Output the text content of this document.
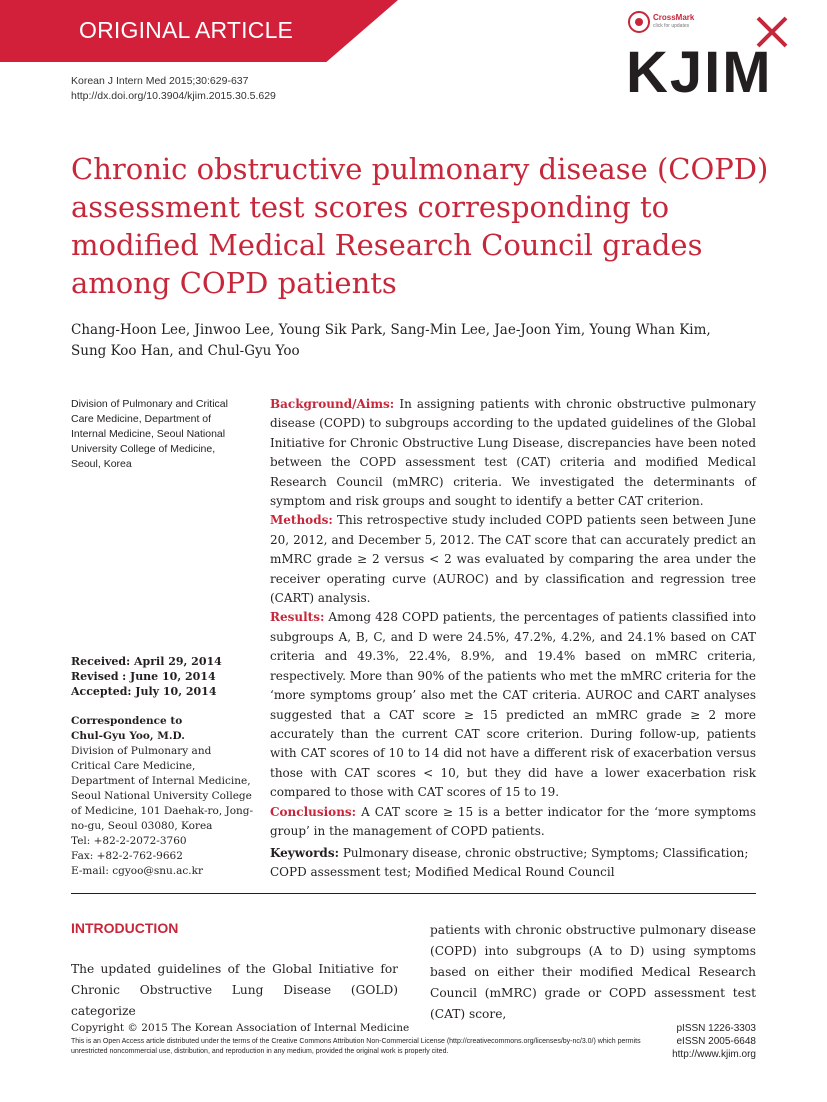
ORIGINAL ARTICLE
Korean J Intern Med 2015;30:629-637
http://dx.doi.org/10.3904/kjim.2015.30.5.629
CrossMark
click for updates
KJIM
Chronic obstructive pulmonary disease (COPD) assessment test scores corresponding to modified Medical Research Council grades among COPD patients
Chang-Hoon Lee, Jinwoo Lee, Young Sik Park, Sang-Min Lee, Jae-Joon Yim, Young Whan Kim,
Sung Koo Han, and Chul-Gyu Yoo
Division of Pulmonary and Critical
Care Medicine, Department of
Internal Medicine, Seoul National
University College of Medicine,
Seoul, Korea
Received: April 29, 2014
Revised : June 10, 2014
Accepted: July 10, 2014
Correspondence to
Chul-Gyu Yoo, M.D.
Division of Pulmonary and
Critical Care Medicine,
Department of Internal Medicine,
Seoul National University College
of Medicine, 101 Daehak-ro, Jong-
no-gu, Seoul 03080, Korea
Tel: +82-2-2072-3760
Fax: +82-2-762-9662
E-mail: cgyoo@snu.ac.kr

Background/Aims: In assigning patients with chronic obstructive pulmonary disease (COPD) to subgroups according to the updated guidelines of the Global Initiative for Chronic Obstructive Lung Disease, discrepancies have been noted between the COPD assessment test (CAT) criteria and modified Medical Research Council (mMRC) criteria. We investigated the determinants of symptom and risk groups and sought to identify a better CAT criterion.

Methods: This retrospective study included COPD patients seen between June 20, 2012, and December 5, 2012. The CAT score that can accurately predict an mMRC grade ≥ 2 versus < 2 was evaluated by comparing the area under the receiver operating curve (AUROC) and by classification and regression tree (CART) analysis.

Results: Among 428 COPD patients, the percentages of patients classified into subgroups A, B, C, and D were 24.5%, 47.2%, 4.2%, and 24.1% based on CAT criteria and 49.3%, 22.4%, 8.9%, and 19.4% based on mMRC criteria, respectively. More than 90% of the patients who met the mMRC criteria for the ‘more symptoms group’ also met the CAT criteria. AUROC and CART analyses suggested that a CAT score ≥ 15 predicted an mMRC grade ≥ 2 more accurately than the current CAT score criterion. During follow-up, patients with CAT scores of 10 to 14 did not have a different risk of exacerbation versus those with CAT scores < 10, but they did have a lower exacerbation risk compared to those with CAT scores of 15 to 19.

Conclusions: A CAT score ≥ 15 is a better indicator for the ‘more symptoms group’ in the management of COPD patients.

Keywords: Pulmonary disease, chronic obstructive; Symptoms; Classification; COPD assessment test; Modified Medical Round Council
INTRODUCTION
The updated guidelines of the Global Initiative for Chronic Obstructive Lung Disease (GOLD) categorize
patients with chronic obstructive pulmonary disease (COPD) into subgroups (A to D) using symptoms based on either their modified Medical Research Council (mMRC) grade or COPD assessment test (CAT) score,
Copyright © 2015 The Korean Association of Internal Medicine
This is an Open Access article distributed under the terms of the Creative Commons Attribution Non-Commercial License (http://creativecommons.org/licenses/by-nc/3.0/) which permits unrestricted noncommercial use, distribution, and reproduction in any medium, provided the original work is properly cited.
pISSN 1226-3303
eISSN 2005-6648
http://www.kjim.org
